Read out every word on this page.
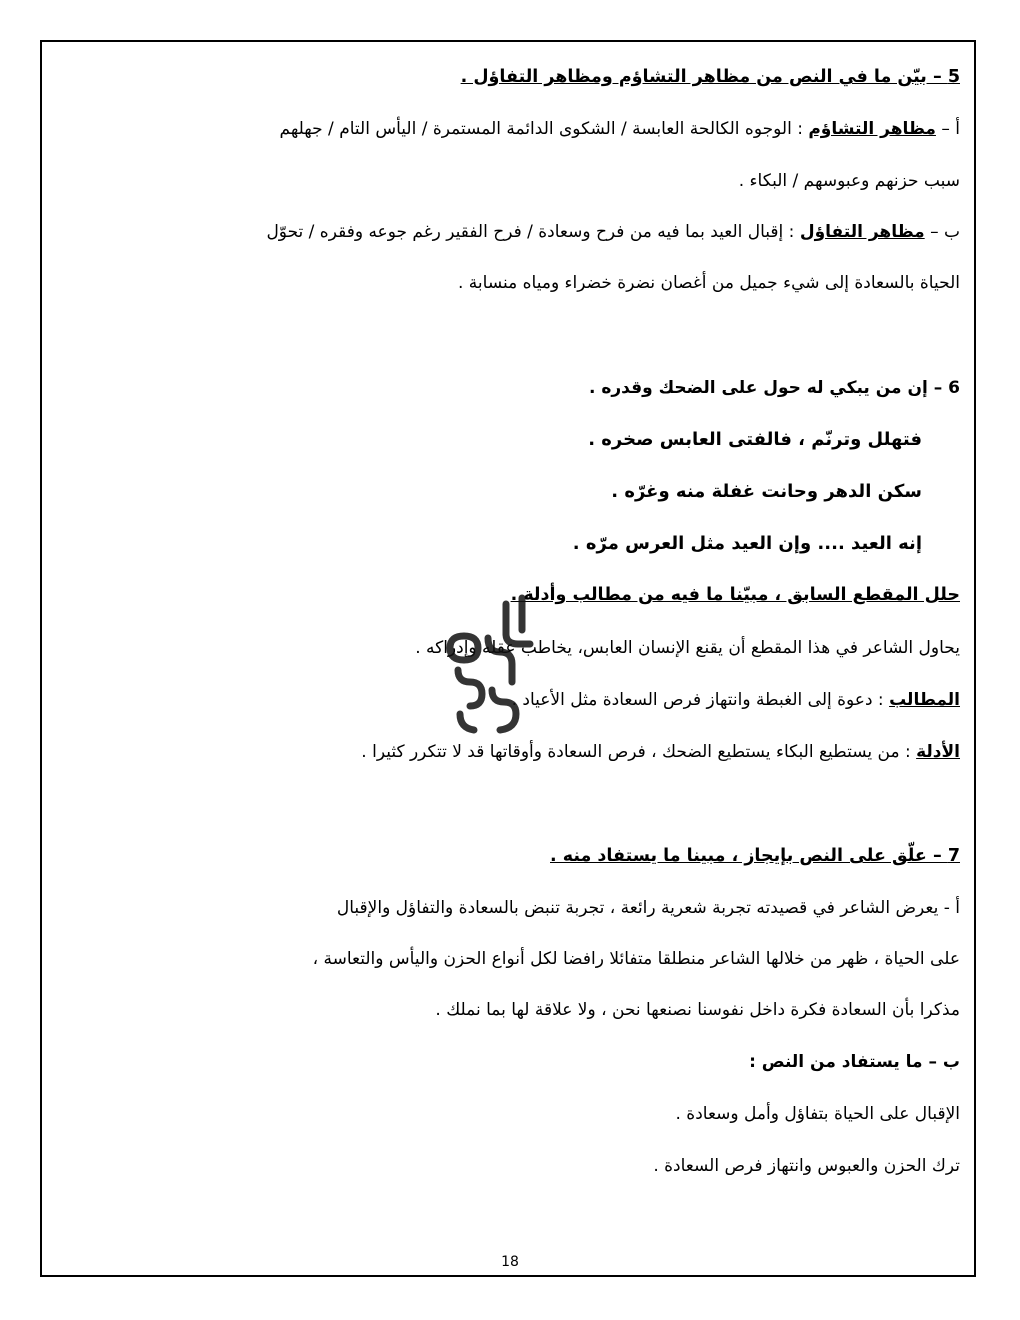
5 – بيّن ما في النص من مظاهر التشاؤم ومظاهر التفاؤل .
أ – مظاهر التشاؤم : الوجوه الكالحة العابسة / الشكوى الدائمة المستمرة / اليأس التام / جهلهم
سبب حزنهم وعبوسهم / البكاء .
ب – مظاهر التفاؤل : إقبال العيد بما فيه من فرح وسعادة / فرح الفقير رغم جوعه وفقره / تحوّل
الحياة بالسعادة إلى شيء جميل من أغصان نضرة خضراء ومياه منسابة .
6 – إن من يبكي له حول على الضحك وقدره .
فتهلل وترنّم ، فالفتى العابس صخره .
سكن الدهر وحانت غفلة منه وغرّه .
إنه العيد .... وإن العيد مثل العرس مرّه .
حلل المقطع السابق ، مبيّنا ما فيه من مطالب وأدلة .
يحاول الشاعر في هذا المقطع أن يقنع الإنسان العابس، يخاطب عقله وإدراكه .
المطالب : دعوة إلى الغبطة وانتهاز فرص السعادة مثل الأعياد .
الأدلة : من يستطيع البكاء يستطيع الضحك ، فرص السعادة وأوقاتها قد لا تتكرر كثيرا .
7 – علّق على النص بإيجاز ، مبينا ما يستفاد منه .
أ - يعرض الشاعر في قصيدته تجربة شعرية رائعة ، تجربة تنبض بالسعادة والتفاؤل والإقبال
على الحياة ، ظهر من خلالها الشاعر منطلقا متفائلا رافضا لكل أنواع الحزن واليأس والتعاسة ،
مذكرا بأن السعادة فكرة داخل نفوسنا نصنعها نحن ، ولا علاقة لها بما نملك .
ب – ما يستفاد من النص :
الإقبال على الحياة بتفاؤل وأمل وسعادة .
ترك الحزن والعبوس وانتهاز فرص السعادة .
18
